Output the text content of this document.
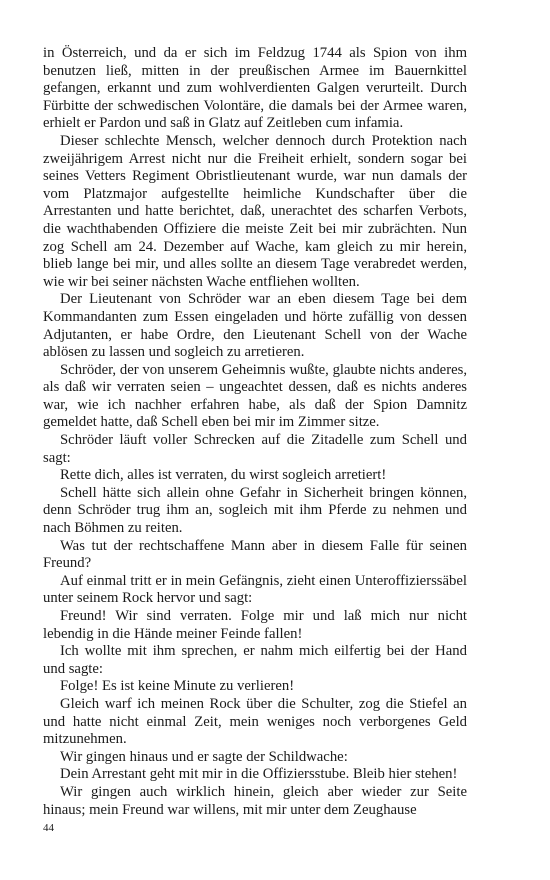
in Österreich, und da er sich im Feldzug 1744 als Spion von ihm benutzen ließ, mitten in der preußischen Armee im Bauernkittel gefangen, erkannt und zum wohlverdienten Galgen verurteilt. Durch Fürbitte der schwedischen Volontäre, die damals bei der Armee waren, erhielt er Pardon und saß in Glatz auf Zeitleben cum infamia.

Dieser schlechte Mensch, welcher dennoch durch Protektion nach zweijährigem Arrest nicht nur die Freiheit erhielt, sondern sogar bei seines Vetters Regiment Obristlieutenant wurde, war nun damals der vom Platzmajor aufgestellte heimliche Kundschafter über die Arrestanten und hatte berichtet, daß, unerachtet des scharfen Verbots, die wachthabenden Offiziere die meiste Zeit bei mir zubrächten. Nun zog Schell am 24. Dezember auf Wache, kam gleich zu mir herein, blieb lange bei mir, und alles sollte an diesem Tage verabredet werden, wie wir bei seiner nächsten Wache entfliehen wollten.

Der Lieutenant von Schröder war an eben diesem Tage bei dem Kommandanten zum Essen eingeladen und hörte zufällig von dessen Adjutanten, er habe Ordre, den Lieutenant Schell von der Wache ablösen zu lassen und sogleich zu arretieren.

Schröder, der von unserem Geheimnis wußte, glaubte nichts anderes, als daß wir verraten seien – ungeachtet dessen, daß es nichts anderes war, wie ich nachher erfahren habe, als daß der Spion Damnitz gemeldet hatte, daß Schell eben bei mir im Zimmer sitze.

Schröder läuft voller Schrecken auf die Zitadelle zum Schell und sagt:

Rette dich, alles ist verraten, du wirst sogleich arretiert!

Schell hätte sich allein ohne Gefahr in Sicherheit bringen können, denn Schröder trug ihm an, sogleich mit ihm Pferde zu nehmen und nach Böhmen zu reiten.

Was tut der rechtschaffene Mann aber in diesem Falle für seinen Freund?

Auf einmal tritt er in mein Gefängnis, zieht einen Unteroffizierssäbel unter seinem Rock hervor und sagt:

Freund! Wir sind verraten. Folge mir und laß mich nur nicht lebendig in die Hände meiner Feinde fallen!

Ich wollte mit ihm sprechen, er nahm mich eilfertig bei der Hand und sagte:

Folge! Es ist keine Minute zu verlieren!

Gleich warf ich meinen Rock über die Schulter, zog die Stiefel an und hatte nicht einmal Zeit, mein weniges noch verborgenes Geld mitzunehmen.

Wir gingen hinaus und er sagte der Schildwache:

Dein Arrestant geht mit mir in die Offiziersstube. Bleib hier stehen!

Wir gingen auch wirklich hinein, gleich aber wieder zur Seite hinaus; mein Freund war willens, mit mir unter dem Zeughause

44
